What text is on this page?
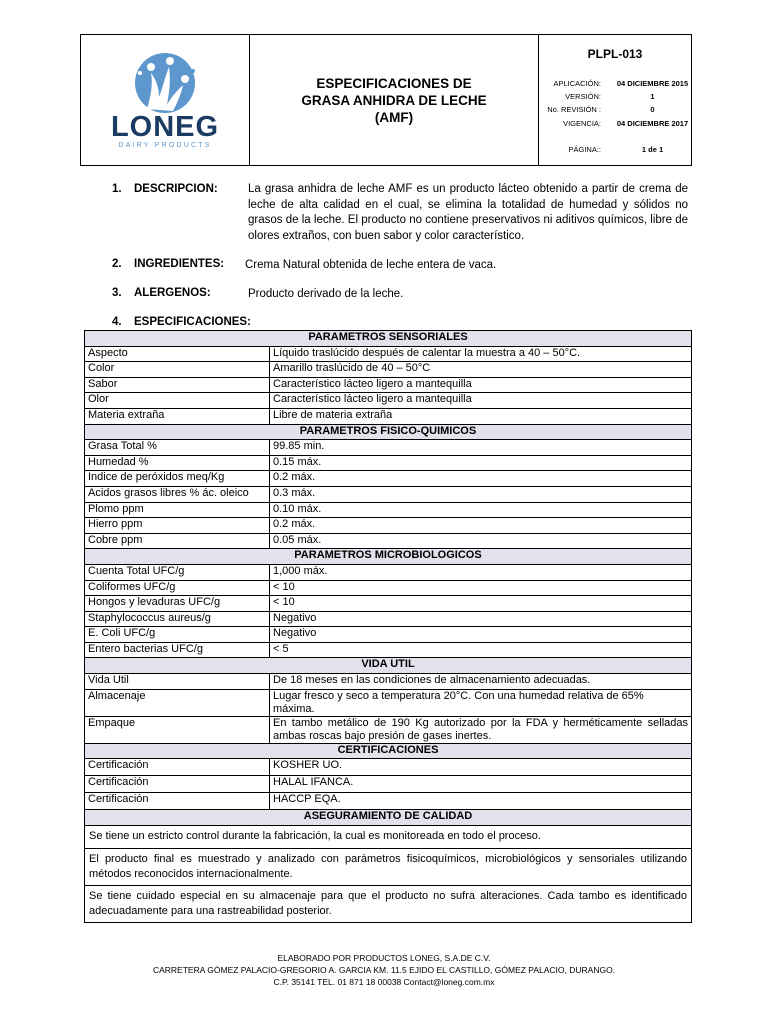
LONEG
DAIRY PRODUCTS
ESPECIFICACIONES DE
GRASA ANHIDRA DE LECHE
(AMF)
PLPL-013
APLICACIÓN:	04 DICIEMBRE 2015
VERSIÓN:	1
No. REVISIÓN :	0
VIGENCIA:	04 DICIEMBRE 2017
PÁGINA::	1 de 1
1. DESCRIPCION:	La grasa anhidra de leche AMF es un producto lácteo obtenido a partir de crema de leche de alta calidad en el cual, se elimina la totalidad de humedad y sólidos no grasos de la leche. El producto no contiene preservativos ni aditivos químicos, libre de olores extraños, con buen sabor y color característico.
2. INGREDIENTES: Crema Natural obtenida de leche entera de vaca.
3. ALERGENOS:	Producto derivado de la leche.
4. ESPECIFICACIONES:
PARAMETROS SENSORIALES	
Aspecto	Líquido traslúcido después de calentar la muestra a 40 – 50°C.
Color	Amarillo traslúcido de 40 – 50°C
Sabor	Característico lácteo ligero a mantequilla
Olor	Característico lácteo ligero a mantequilla
Materia extraña	Libre de materia extraña
PARAMETROS FISICO-QUIMICOS	
Grasa Total %	99.85 min.
Humedad %	0.15 máx.
Indice de peróxidos meq/Kg	0.2 máx.
Acidos grasos libres % ác. oleico	0.3 máx.
Plomo ppm	0.10 máx.
Hierro ppm	0.2 máx.
Cobre ppm	0.05 máx.
PARAMETROS MICROBIOLOGICOS	
Cuenta Total UFC/g	1,000 máx.
Coliformes UFC/g	< 10
Hongos y levaduras UFC/g	< 10
Staphylococcus aureus/g	Negativo
E. Coli UFC/g	Negativo
Entero bacterias UFC/g	< 5
VIDA UTIL	
Vida Util	De 18 meses en las condiciones de almacenamiento adecuadas.
Almacenaje	Lugar fresco y seco a temperatura 20°C. Con una humedad relativa de 65% máxima.
Empaque	En tambo metálico de 190 Kg autorizado por la FDA y herméticamente selladas ambas roscas bajo presión de gases inertes.
CERTIFICACIONES	
Certificación	KOSHER UO.
Certificación	HALAL IFANCA.
Certificación	HACCP EQA.
ASEGURAMIENTO DE CALIDAD	
Se tiene un estricto control durante la fabricación, la cual es monitoreada en todo el proceso.	
El producto final es muestrado y analizado con parámetros fisicoquímicos, microbiológicos y sensoriales utilizando métodos reconocidos internacionalmente.	
Se tiene cuidado especial en su almacenaje para que el producto no sufra alteraciones. Cada tambo es identificado adecuadamente para una rastreabilidad posterior.	
ELABORADO POR PRODUCTOS LONEG, S.A.DE C.V.
CARRETERA GÓMEZ PALACIO-GREGORIO A. GARCIA KM. 11.5 EJIDO EL CASTILLO, GÓMEZ PALACIO, DURANGO.
C.P. 35141 TEL. 01 871 18 00038 Contact@loneg.com.mx
